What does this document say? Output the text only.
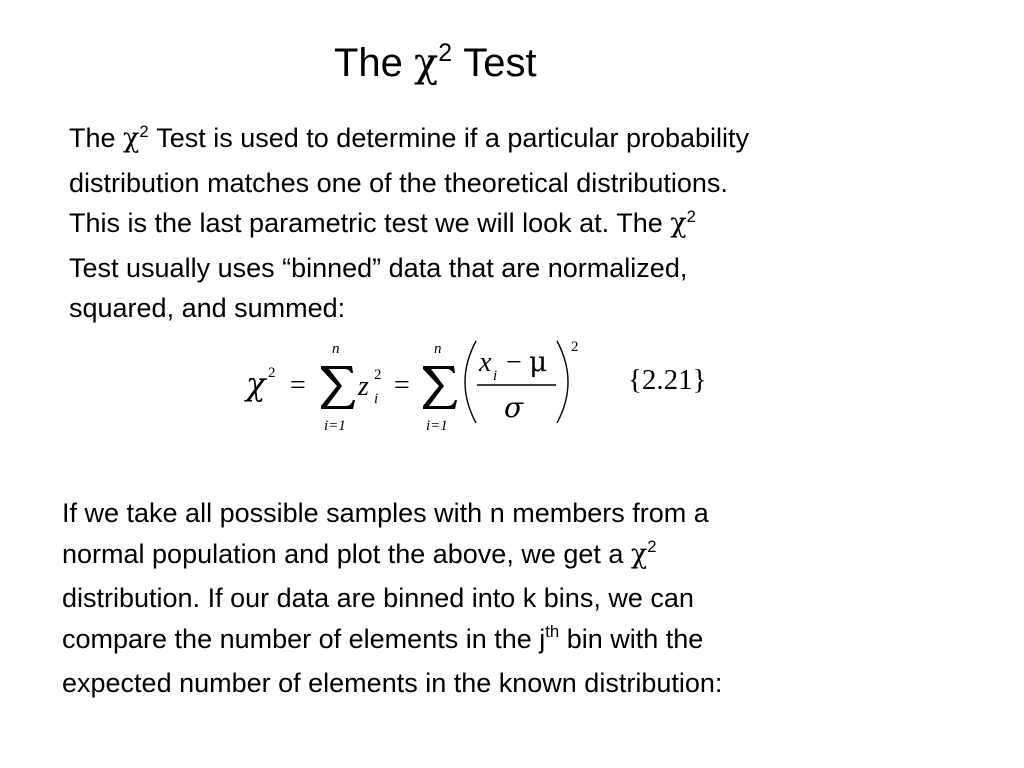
The $\chi^2$ Test
The $\chi^2$ Test is used to determine if a particular probability
distribution matches one of the theoretical distributions.
This is the last parametric test we will look at. The $\chi^2$
Test usually uses “binned” data that are normalized,
squared, and summed:
χ 2 =
n
i=1
z 2
i =
n
i=1
x i − μ
σ
2
{2.21}
If we take all possible samples with n members from a
normal population and plot the above, we get a $\chi^2$
distribution. If our data are binned into k bins, we can
compare the number of elements in the $j^{th}$ bin with the
expected number of elements in the known distribution:
